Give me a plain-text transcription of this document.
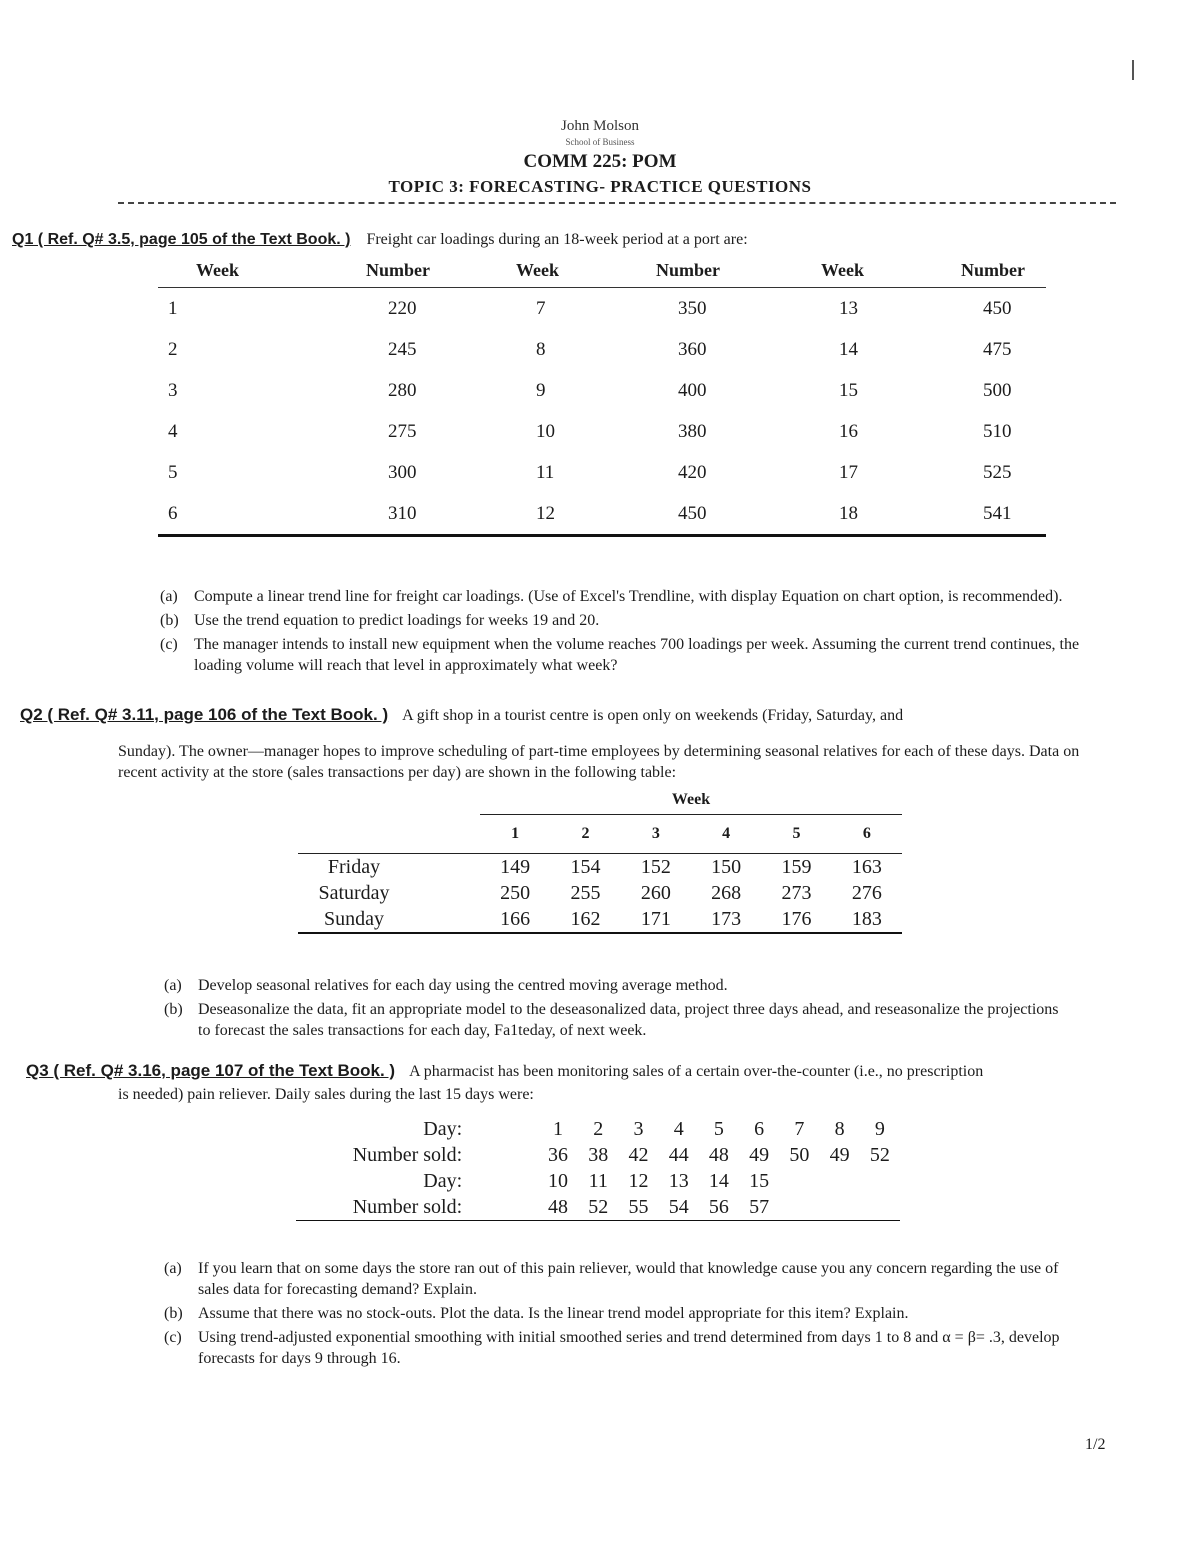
John Molson
School of Business
COMM 225: POM
TOPIC 3: FORECASTING- PRACTICE QUESTIONS
Q1 ( Ref. Q# 3.5, page 105 of the Text Book. ) Freight car loadings during an 18-week period at a port are:
Week	Number	Week	Number	Week	Number
1	220	7	350	13	450
2	245	8	360	14	475
3	280	9	400	15	500
4	275	10	380	16	510
5	300	11	420	17	525
6	310	12	450	18	541
(a) Compute a linear trend line for freight car loadings. (Use of Excel's Trendline, with display Equation on chart option, is recommended).
(b) Use the trend equation to predict loadings for weeks 19 and 20.
(c) The manager intends to install new equipment when the volume reaches 700 loadings per week. Assuming the current trend continues, the loading volume will reach that level in approximately what week?
Q2 ( Ref. Q# 3.11, page 106 of the Text Book. ) A gift shop in a tourist centre is open only on weekends (Friday, Saturday, and
Sunday). The owner—manager hopes to improve scheduling of part-time employees by determining seasonal relatives for each of these days. Data on recent activity at the store (sales transactions per day) are shown in the following table:
	Week					
	1	2	3	4	5	6
Friday	149	154	152	150	159	163
Saturday	250	255	260	268	273	276
Sunday	166	162	171	173	176	183
(a) Develop seasonal relatives for each day using the centred moving average method.
(b) Deseasonalize the data, fit an appropriate model to the deseasonalized data, project three days ahead, and reseasonalize the projections to forecast the sales transactions for each day, Fa1teday, of next week.
Q3 ( Ref. Q# 3.16, page 107 of the Text Book. ) A pharmacist has been monitoring sales of a certain over-the-counter (i.e., no prescription
is needed) pain reliever. Daily sales during the last 15 days were:
Day:		1	2	3	4	5	6	7	8	9
Number sold:		36	38	42	44	48	49	50	49	52
Day:		10	11	12	13	14	15			
Number sold:		48	52	55	54	56	57			
(a) If you learn that on some days the store ran out of this pain reliever, would that knowledge cause you any concern regarding the use of sales data for forecasting demand? Explain.
(b) Assume that there was no stock-outs. Plot the data. Is the linear trend model appropriate for this item? Explain.
(c) Using trend-adjusted exponential smoothing with initial smoothed series and trend determined from days 1 to 8 and α = β= .3, develop forecasts for days 9 through 16.
1/2
